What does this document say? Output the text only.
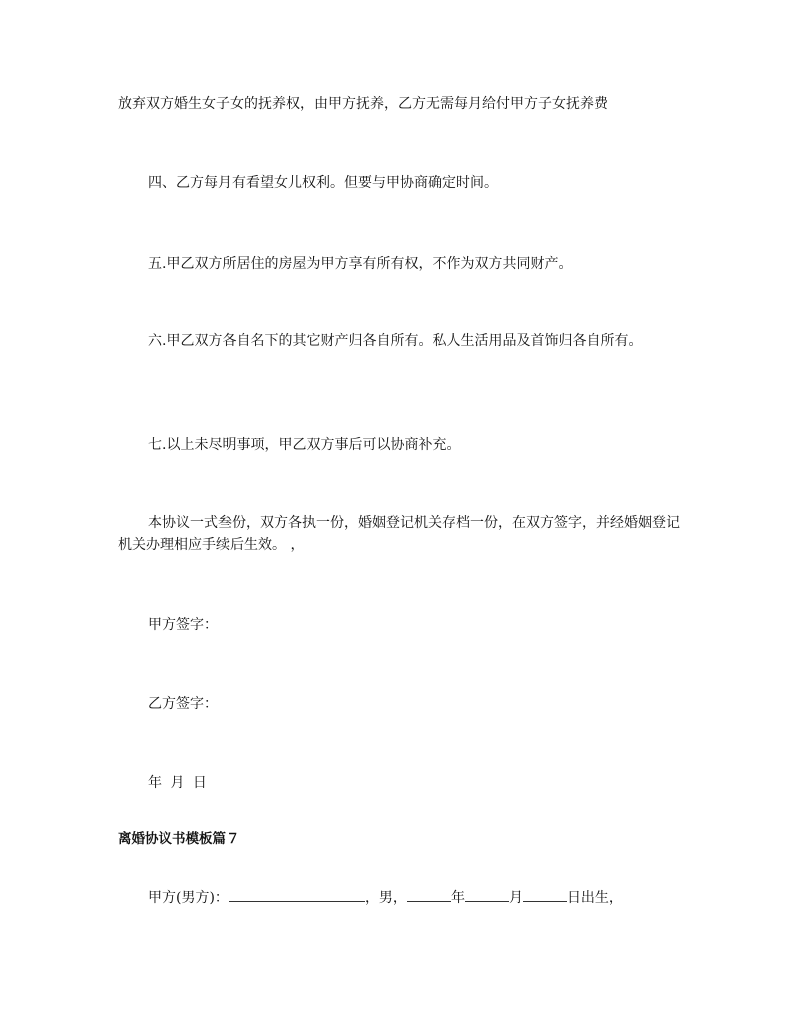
放弃双方婚生女子女的抚养权，由甲方抚养，乙方无需每月给付甲方子女抚养费

四、乙方每月有看望女儿权利。但要与甲协商确定时间。

五.甲乙双方所居住的房屋为甲方享有所有权，不作为双方共同财产。

六.甲乙双方各自名下的其它财产归各自所有。私人生活用品及首饰归各自所有。

七.以上未尽明事项，甲乙双方事后可以协商补充。

本协议一式叁份，双方各执一份，婚姻登记机关存档一份，在双方签字，并经婚姻登记机关办理相应手续后生效。 ，

甲方签字：

乙方签字：

年 月 日

离婚协议书模板篇７

甲方(男方)：	，男，	年	月	日出生，
